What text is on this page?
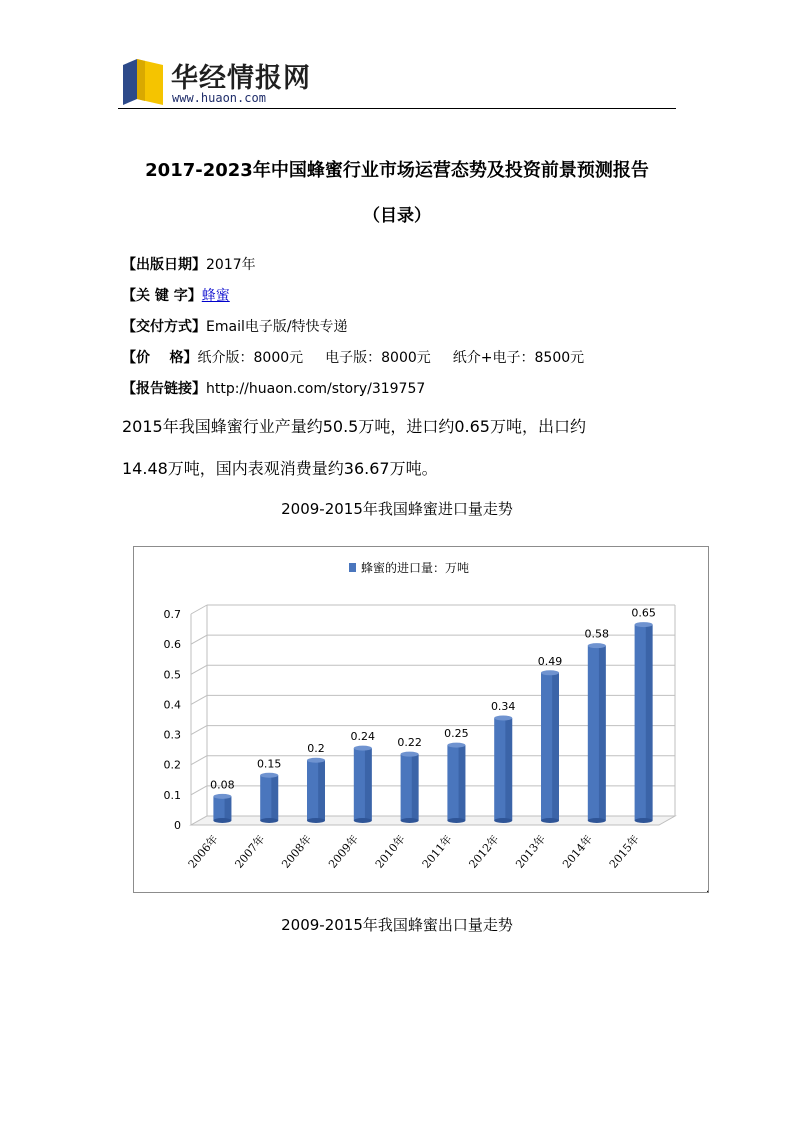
华经情报网
www.huaon.com
2017-2023年中国蜂蜜行业市场运营态势及投资前景预测报告
（目录）
【出版日期】2017年
【关 键 字】蜂蜜
【交付方式】Email电子版/特快专递
【价    格】纸介版：8000元 电子版：8000元 纸介+电子：8500元
【报告链接】http://huaon.com/story/319757
2015年我国蜂蜜行业产量约50.5万吨，进口约0.65万吨，出口约
14.48万吨，国内表观消费量约36.67万吨。
2009-2015年我国蜂蜜进口量走势
蜂蜜的进口量：万吨
0
0.1
0.2
0.3
0.4
0.5
0.6
0.7
0.08
0.15
0.2
0.24 0.22
0.25
0.34
0.49
0.58
0.65
2006年 2007年 2008年 2009年 2010年 2011年 2012年 2013年 2014年 2015年
.
2009-2015年我国蜂蜜出口量走势
